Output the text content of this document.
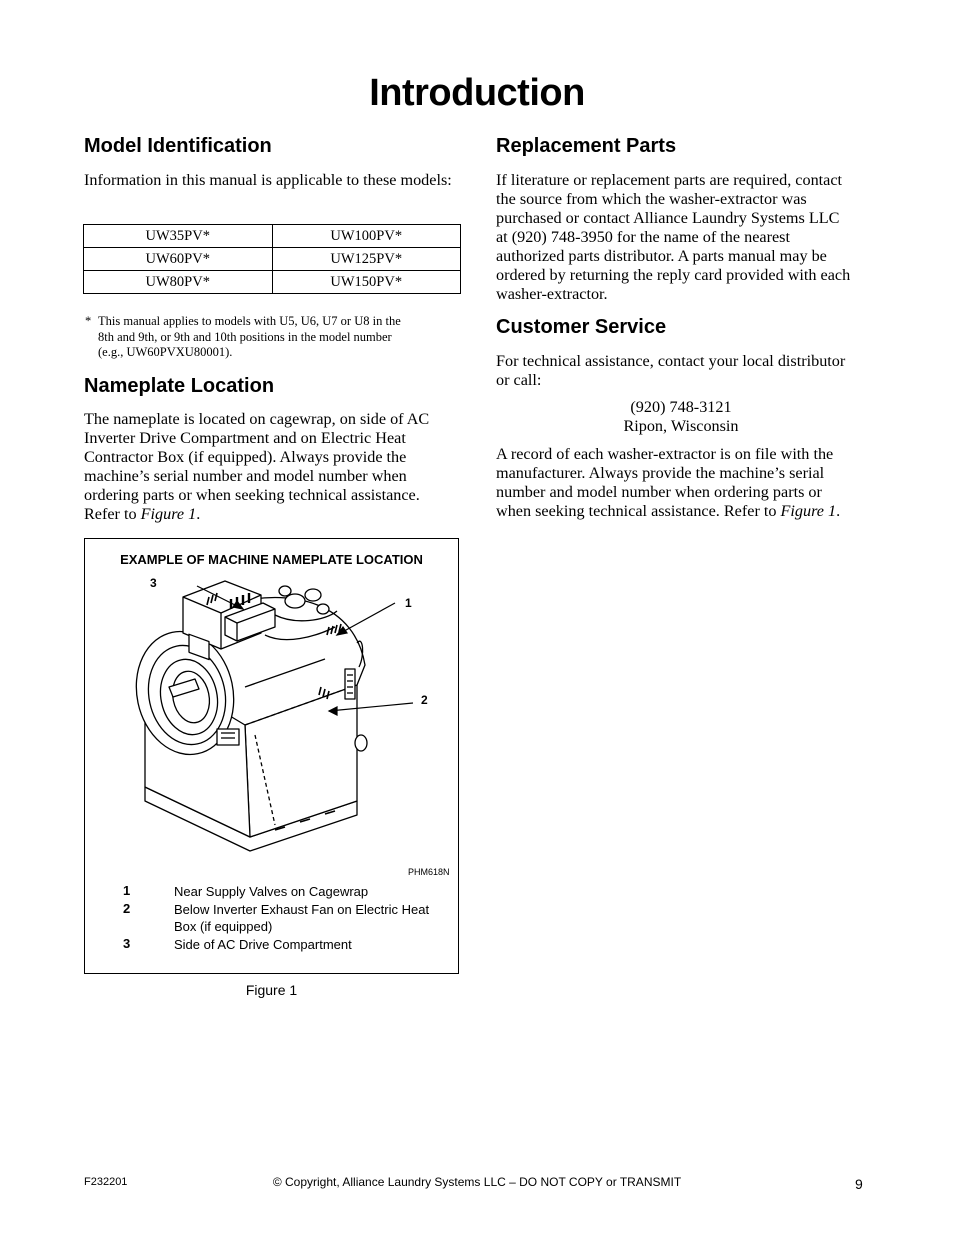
Introduction
Model Identification
Information in this manual is applicable to these models:
UW35PV*	UW100PV*
UW60PV*	UW125PV*
UW80PV*	UW150PV*
* This manual applies to models with U5, U6, U7 or U8 in the
8th and 9th, or 9th and 10th positions in the model number
(e.g., UW60PVXU80001).
Nameplate Location
The nameplate is located on cagewrap, on side of AC
Inverter Drive Compartment and on Electric Heat
Contractor Box (if equipped). Always provide the
machine’s serial number and model number when
ordering parts or when seeking technical assistance.
Refer to Figure 1.
EXAMPLE OF MACHINE NAMEPLATE LOCATION
3
1
2
PHM618N
1	Near Supply Valves on Cagewrap
2	Below Inverter Exhaust Fan on Electric Heat
Box (if equipped)
3	Side of AC Drive Compartment
Figure 1
Replacement Parts
If literature or replacement parts are required, contact
the source from which the washer-extractor was
purchased or contact Alliance Laundry Systems LLC
at (920) 748-3950 for the name of the nearest
authorized parts distributor. A parts manual may be
ordered by returning the reply card provided with each
washer-extractor.
Customer Service
For technical assistance, contact your local distributor
or call:
(920) 748-3121
Ripon, Wisconsin
A record of each washer-extractor is on file with the
manufacturer. Always provide the machine’s serial
number and model number when ordering parts or
when seeking technical assistance. Refer to Figure 1.
F232201	© Copyright, Alliance Laundry Systems LLC – DO NOT COPY or TRANSMIT	9
